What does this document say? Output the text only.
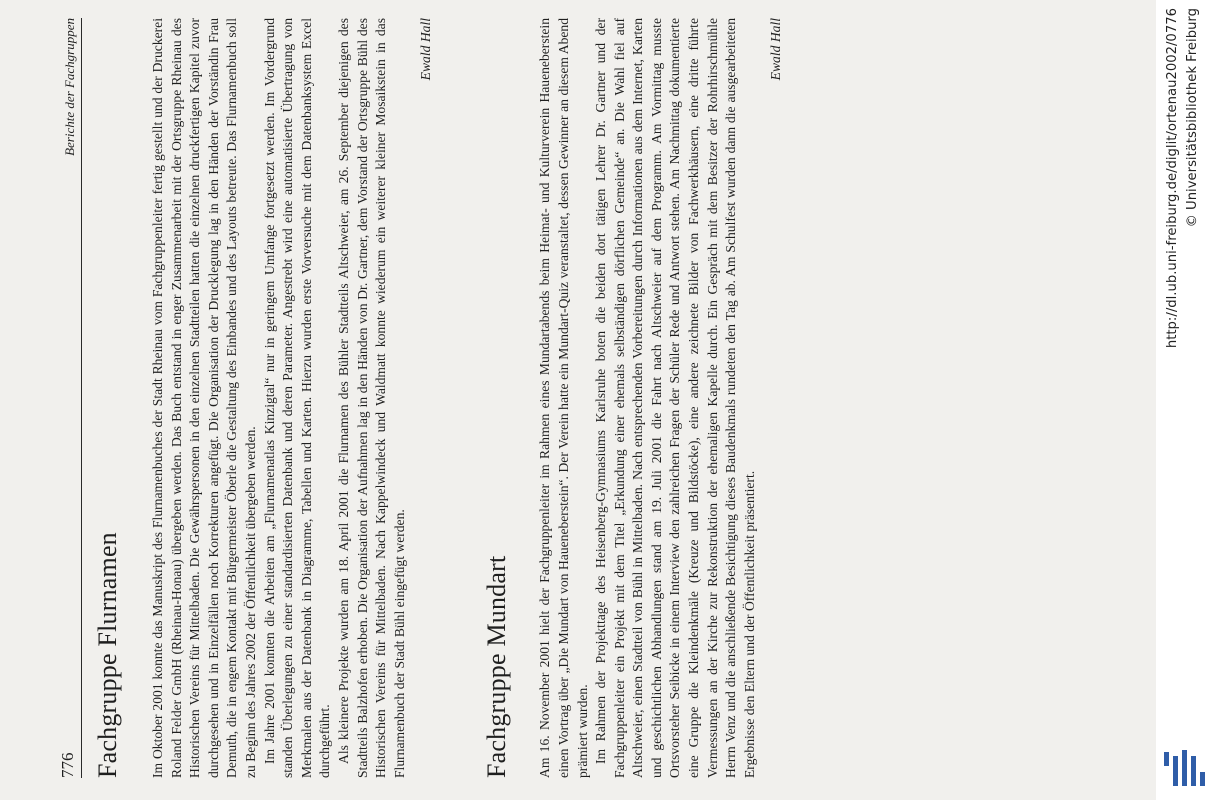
776
Berichte der Fachgruppen
Fachgruppe Flurnamen Im Oktober 2001 konnte das Manuskript des Flurnamenbuches der Stadt Rheinau vom Fachgruppenleiter fertig gestellt und der Druckerei Roland Felder GmbH (Rheinau-Honau) übergeben werden. Das Buch entstand in enger Zusammenarbeit mit der Ortsgruppe Rheinau des Historischen Vereins für Mittelbaden. Die Gewährspersonen in den einzelnen Stadtteilen hatten die einzelnen druckfertigen Kapitel zuvor durchgesehen und in Einzelfällen noch Korrekturen angefügt. Die Organisation der Drucklegung lag in den Händen der Vorständin Frau Demuth, die in engem Kontakt mit Bürgermeister Öberle die Gestaltung des Einbandes und des Layouts betreute. Das Flurnamenbuch soll zu Beginn des Jahres 2002 der Öffentlichkeit übergeben werden. Im Jahre 2001 konnten die Arbeiten am „Flurnamenatlas Kinzigtal“ nur in geringem Umfange fortgesetzt werden. Im Vordergrund standen Überlegungen zu einer standardisierten Datenbank und deren Parameter. Angestrebt wird eine automatisierte Übertragung von Merkmalen aus der Datenbank in Diagramme, Tabellen und Karten. Hierzu wurden erste Vorversuche mit dem Datenbanksystem Excel durchgeführt. Als kleinere Projekte wurden am 18. April 2001 die Flurnamen des Bühler Stadtteils Altschweier, am 26. September diejenigen des Stadtteils Balzhofen erhoben. Die Organisation der Aufnahmen lag in den Händen von Dr. Gartner, dem Vorstand der Ortsgruppe Bühl des Historischen Vereins für Mittelbaden. Nach Kappelwindeck und Waldmatt konnte wiederum ein weiterer kleiner Mosaikstein in das Flurnamenbuch der Stadt Bühl eingefügt werden.

Ewald Hall
Fachgruppe Mundart Am 16. November 2001 hielt der Fachgruppenleiter im Rahmen eines Mundartabends beim Heimat- und Kulturverein Haueneberstein einen Vortrag über „Die Mundart von Haueneberstein“. Der Verein hatte ein Mundart-Quiz veranstaltet, dessen Gewinner an diesem Abend prämiert wurden. Im Rahmen der Projekttage des Heisenberg-Gymnasiums Karlsruhe boten die beiden dort tätigen Lehrer Dr. Gartner und der Fachgruppenleiter ein Projekt mit dem Titel „Erkundung einer ehemals selbständigen dörflichen Gemeinde“ an. Die Wahl fiel auf Altschweier, einen Stadtteil von Bühl in Mittelbaden. Nach entsprechenden Vorbereitungen durch Informationen aus dem Internet, Karten und geschichtlichen Abhandlungen stand am 19. Juli 2001 die Fahrt nach Altschweier auf dem Programm. Am Vormittag musste Ortsvorsteher Seibicke in einem Interview den zahlreichen Fragen der Schüler Rede und Antwort stehen. Am Nachmittag dokumentierte eine Gruppe die Kleindenkmäle (Kreuze und Bildstöcke), eine andere zeichnete Bilder von Fachwerkhäusern, eine dritte führte Vermessungen an der Kirche zur Rekonstruktion der ehemaligen Kapelle durch. Ein Gespräch mit dem Besitzer der Rohrhirschmühle Herrn Venz und die anschließende Besichtigung dieses Baudenkmals rundeten den Tag ab. Am Schulfest wurden dann die ausgearbeiteten Ergebnisse den Eltern und der Öffentlichkeit präsentiert.

Ewald Hall	http://dl.ub.uni-freiburg.de/diglit/ortenau2002/0776 © Universitätsbibliothek Freiburg
